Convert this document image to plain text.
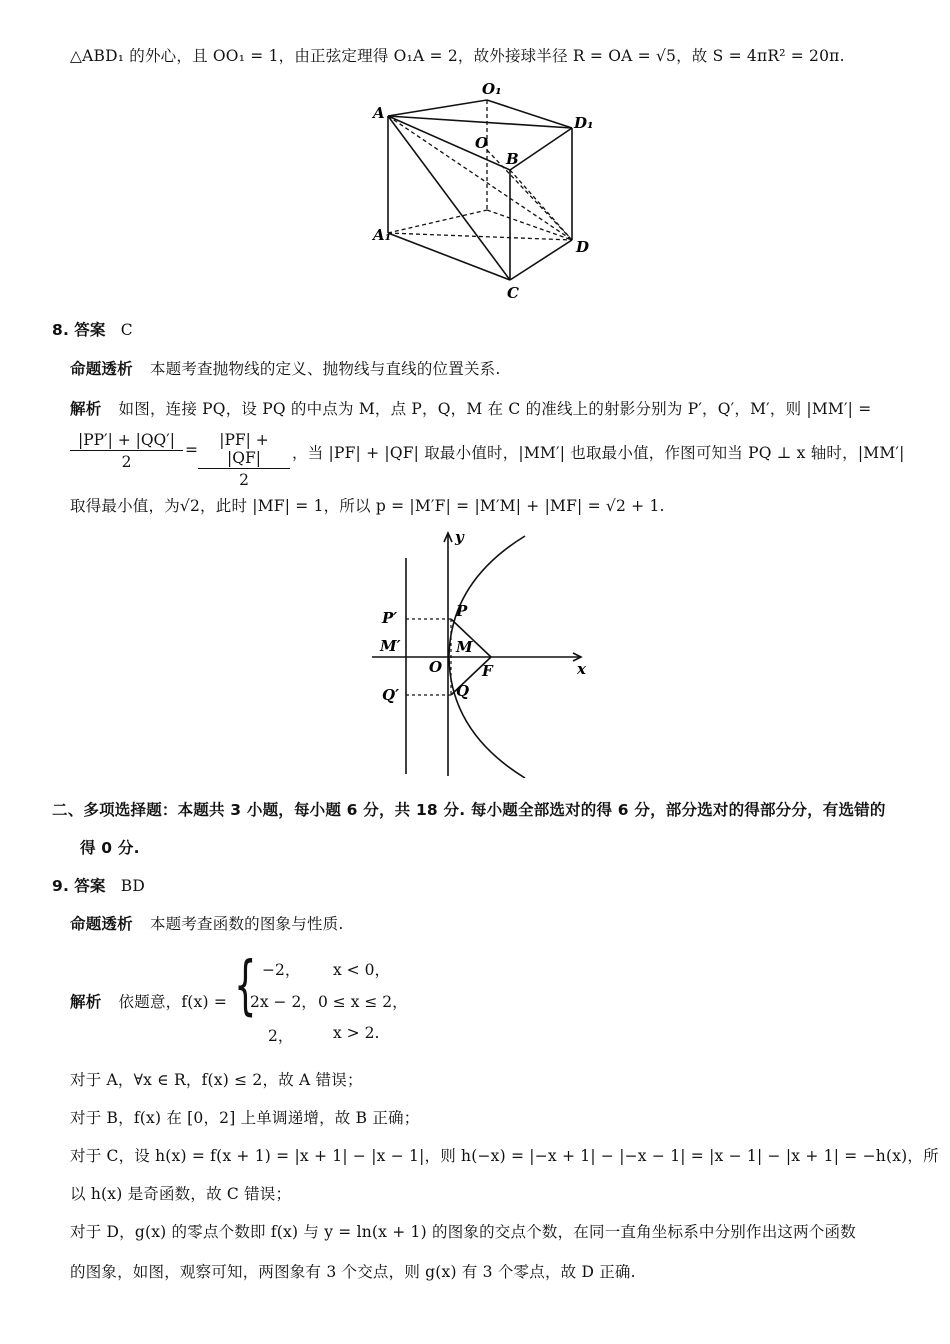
△ABD₁ 的外心，且 OO₁ = 1，由正弦定理得 O₁A = 2，故外接球半径 R = OA = √5，故 S = 4πR² = 20π.
A
O₁
D₁
O
B
A₁
D
C
8. 答案 C
命题透析 本题考查抛物线的定义、抛物线与直线的位置关系.
解析 如图，连接 PQ，设 PQ 的中点为 M，点 P，Q，M 在 C 的准线上的射影分别为 P′，Q′，M′，则 |MM′| =
$\frac{|PP'| + |QQ'|}{2} = \frac{|PF| + |QF|}{2}$ ，当 |PF| + |QF| 取最小值时，|MM′| 也取最小值，作图可知当 PQ ⊥ x 轴时，|MM′|
取得最小值，为√2，此时 |MF| = 1，所以 p = |M′F| = |M′M| + |MF| = √2 + 1.
y
x
P′
M′
Q′
P
M
O	F
Q
二、多项选择题：本题共 3 小题，每小题 6 分，共 18 分. 每小题全部选对的得 6 分，部分选对的得部分分，有选错的
得 0 分.
9. 答案 BD
命题透析 本题考查函数的图象与性质.
解析 依题意，f(x) = { −2， x < 0，
2x − 2， 0 ≤ x ≤ 2，
2，	x > 2.
对于 A，∀x ∈ R，f(x) ≤ 2，故 A 错误；
对于 B，f(x) 在 [0，2] 上单调递增，故 B 正确；
对于 C，设 h(x) = f(x + 1) = |x + 1| − |x − 1|，则 h(−x) = |−x + 1| − |−x − 1| = |x − 1| − |x + 1| = −h(x)，所
以 h(x) 是奇函数，故 C 错误；
对于 D，g(x) 的零点个数即 f(x) 与 y = ln(x + 1) 的图象的交点个数，在同一直角坐标系中分别作出这两个函数
的图象，如图，观察可知，两图象有 3 个交点，则 g(x) 有 3 个零点，故 D 正确.
